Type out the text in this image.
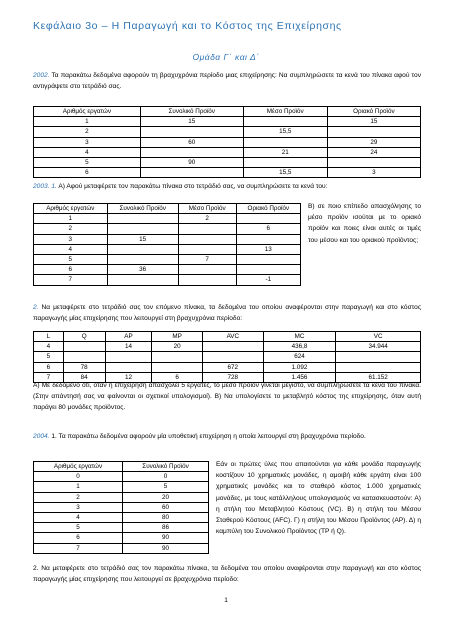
Κεφάλαιο 3ο – Η Παραγωγή και το Κόστος της Επιχείρησης
Ομάδα Γ΄ και Δ΄
2002. Τα παρακάτω δεδομένα αφορούν τη βραχυχρόνια περίοδο μιας επιχείρησης: Να συμπληρώσετε τα κενά του πίνακα αφού τον αντιγράψετε στο τετράδιό σας.
Αριθμός εργατών	Συνολικό Προϊόν	Μέσο Προϊόν	Οριακό Προϊόν
1	15		15
2		15,5	
3	60		29
4		21	24
5	90		
6		15,5	3
2003. 1. Α) Αφού μεταφέρετε τον παρακάτω πίνακα στο τετράδιό σας, να συμπληρώσετε τα κενά του:
Αριθμός εργατών	Συνολικό Προϊόν	Μέσο Προϊόν	Οριακό Προϊόν
1		2	
2			6
3	15		
4			13
5		7	
6	36		
7			-1
Β) σε ποιο επίπεδο απασχόλησης το μέσο προϊόν ισούται με το οριακό προϊόν και ποιες είναι αυτές οι τιμές του μέσου και του οριακού προϊόντος;
2. Να μεταφέρετε στο τετράδιό σας τον επόμενο πίνακα, τα δεδομένα του οποίου αναφέρονται στην παραγωγή και στο κόστος παραγωγής μίας επιχείρησης που λειτουργεί στη βραχυχρόνια περίοδο:
L	Q	AP	MP	AVC	MC	VC
4		14	20		436,8	34.944
5					624	
6	78			672	1.092	
7	84	12	6	728	1.456	61.152
Α) Με δεδομένο ότι, όταν η επιχείρηση απασχολεί 5 εργάτες, το μέσο προϊόν γίνεται μέγιστο, να συμπληρώσετε τα κενά του πίνακα. (Στην απάντησή σας να φαίνονται οι σχετικοί υπολογισμοί). Β) Να υπολογίσετε το μεταβλητό κόστος της επιχείρησης, όταν αυτή παράγει 80 μονάδες προϊόντος.
2004. 1. Τα παρακάτω δεδομένα αφορούν μία υποθετική επιχείρηση η οποία λειτουργεί στη βραχυχρόνια περίοδο.
Αριθμός εργατών	Συνολικό Προϊόν
0	0
1	5
2	20
3	60
4	80
5	86
6	90
7	90
Εάν οι πρώτες ύλες που απαιτούνται για κάθε μονάδα παραγωγής κοστίζουν 10 χρηματικές μονάδες, η αμοιβή κάθε εργάτη είναι 100 χρηματικές μονάδες και το σταθερό κόστος 1.000 χρηματικές μονάδες, με τους κατάλληλους υπολογισμούς να κατασκευαστούν: Α) η στήλη του Μεταβλητού Κόστους (VC). Β) η στήλη του Μέσου Σταθερού Κόστους (AFC). Γ) η στήλη του Μέσου Προϊόντος (AP). Δ) η καμπύλη του Συνολικού Προϊόντος (TP ή Q).
2. Να μεταφέρετε στο τετράδιό σας τον παρακάτω πίνακα, τα δεδομένα του οποίου αναφέρονται στην παραγωγή και στο κόστος παραγωγής μίας επιχείρησης που λειτουργεί σε βραχυχρόνια περίοδο:
1
